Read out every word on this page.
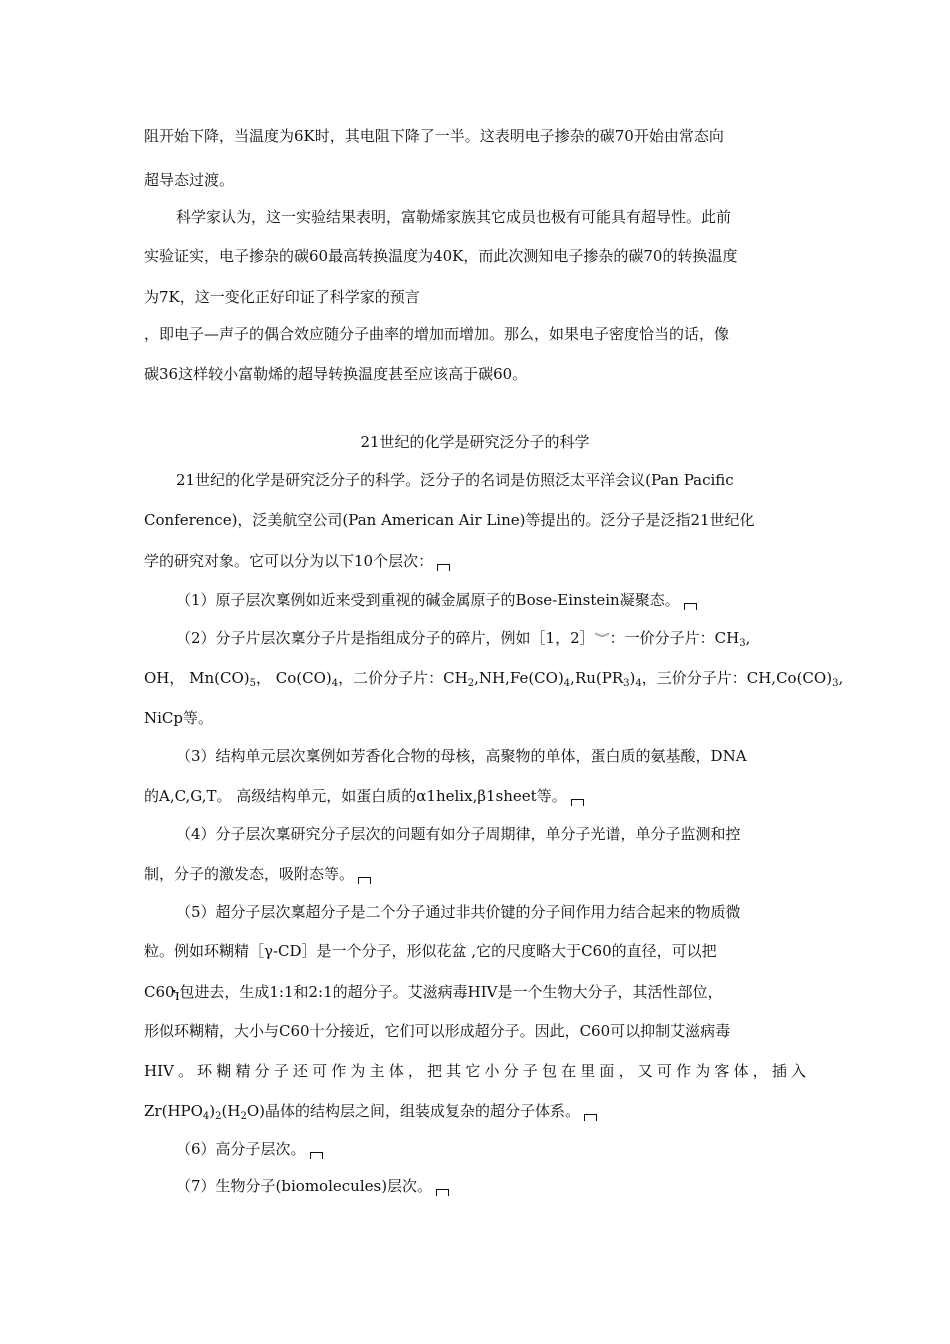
阻开始下降，当温度为6K时，其电阻下降了一半。这表明电子掺杂的碳70开始由常态向
超导态过渡。
科学家认为，这一实验结果表明，富勒烯家族其它成员也极有可能具有超导性。此前
实验证实，电子掺杂的碳60最高转换温度为40K，而此次测知电子掺杂的碳70的转换温度
为7K，这一变化正好印证了科学家的预言
，即电子—声子的偶合效应随分子曲率的增加而增加。那么，如果电子密度恰当的话，像
碳36这样较小富勒烯的超导转换温度甚至应该高于碳60。
21世纪的化学是研究泛分子的科学
21世纪的化学是研究泛分子的科学。泛分子的名词是仿照泛太平洋会议(Pan Pacific
Conference)，泛美航空公司(Pan American Air Line)等提出的。泛分子是泛指21世纪化
学的研究对象。它可以分为以下10个层次：
（1）原子层次稟例如近来受到重视的碱金属原子的Bose-Einstein凝聚态。
（2）分子片层次稟分子片是指组成分子的碎片，例如［1，2］︾：一价分子片：$CH_3$,
OH， $Mn(CO)_5$， $Co(CO)_4$，二价分子片：$CH_2,NH,Fe(CO)_4,Ru(PR_3)_4$，三价分子片：$CH,Co(CO)_3$,
NiCp等。
（3）结构单元层次稟例如芳香化合物的母核，高聚物的单体，蛋白质的氨基酸，DNA
的A,C,G,T。 高级结构单元，如蛋白质的α1helix,β1sheet等。
（4）分子层次稟研究分子层次的问题有如分子周期律，单分子光谱，单分子监测和控
制，分子的激发态，吸附态等。
（5）超分子层次稟超分子是二个分子通过非共价键的分子间作用力结合起来的物质微
粒。例如环糊精［γ-CD］是一个分子，形似花盆 ,它的尺度略大于C60的直径，可以把
C60Ⴈ包进去，生成1:1和2:1的超分子。艾滋病毒HIV是一个生物大分子，其活性部位，
形似环糊精，大小与C60十分接近，它们可以形成超分子。因此，C60可以抑制艾滋病毒
HIV。环糊精分子还可作为主体，把其它小分子包在里面，又可作为客体，插入
$Zr(HPO_4)_2(H_2O)$晶体的结构层之间，组装成复杂的超分子体系。
（6）高分子层次。
（7）生物分子(biomolecules)层次。
